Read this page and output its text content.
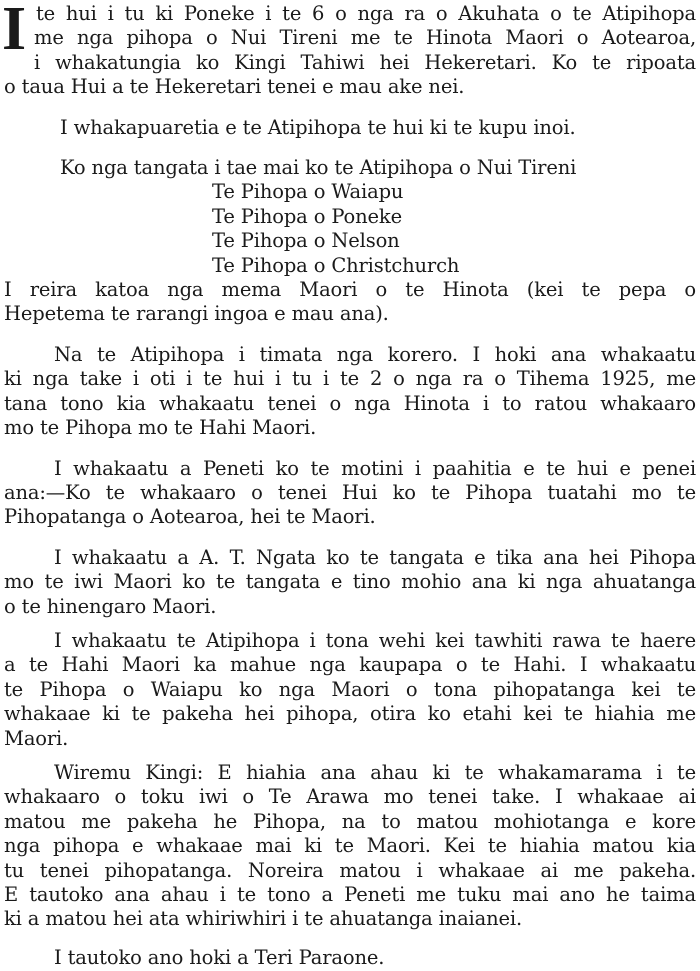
I te hui i tu ki Poneke i te 6 o nga ra o Akuhata o te Atipihopa
me nga pihopa o Nui Tireni me te Hinota Maori o Aotearoa,
i whakatungia ko Kingi Tahiwi hei Hekeretari. Ko te ripoata
o taua Hui a te Hekeretari tenei e mau ake nei.
I whakapuaretia e te Atipihopa te hui ki te kupu inoi.
Ko nga tangata i tae mai ko te Atipihopa o Nui Tireni
Te Pihopa o Waiapu
Te Pihopa o Poneke
Te Pihopa o Nelson
Te Pihopa o Christchurch
I reira katoa nga mema Maori o te Hinota (kei te pepa o
Hepetema te rarangi ingoa e mau ana).
Na te Atipihopa i timata nga korero. I hoki ana whakaatu
ki nga take i oti i te hui i tu i te 2 o nga ra o Tihema 1925, me
tana tono kia whakaatu tenei o nga Hinota i to ratou whakaaro
mo te Pihopa mo te Hahi Maori.
I whakaatu a Peneti ko te motini i paahitia e te hui e penei
ana:—Ko te whakaaro o tenei Hui ko te Pihopa tuatahi mo te
Pihopatanga o Aotearoa, hei te Maori.
I whakaatu a A. T. Ngata ko te tangata e tika ana hei Pihopa
mo te iwi Maori ko te tangata e tino mohio ana ki nga ahuatanga
o te hinengaro Maori.
I whakaatu te Atipihopa i tona wehi kei tawhiti rawa te haere
a te Hahi Maori ka mahue nga kaupapa o te Hahi. I whakaatu
te Pihopa o Waiapu ko nga Maori o tona pihopatanga kei te
whakaae ki te pakeha hei pihopa, otira ko etahi kei te hiahia me
Maori.
Wiremu Kingi: E hiahia ana ahau ki te whakamarama i te
whakaaro o toku iwi o Te Arawa mo tenei take. I whakaae ai
matou me pakeha he Pihopa, na to matou mohiotanga e kore
nga pihopa e whakaae mai ki te Maori. Kei te hiahia matou kia
tu tenei pihopatanga. Noreira matou i whakaae ai me pakeha.
E tautoko ana ahau i te tono a Peneti me tuku mai ano he taima
ki a matou hei ata whiriwhiri i te ahuatanga inaianei.
I tautoko ano hoki a Teri Paraone.
